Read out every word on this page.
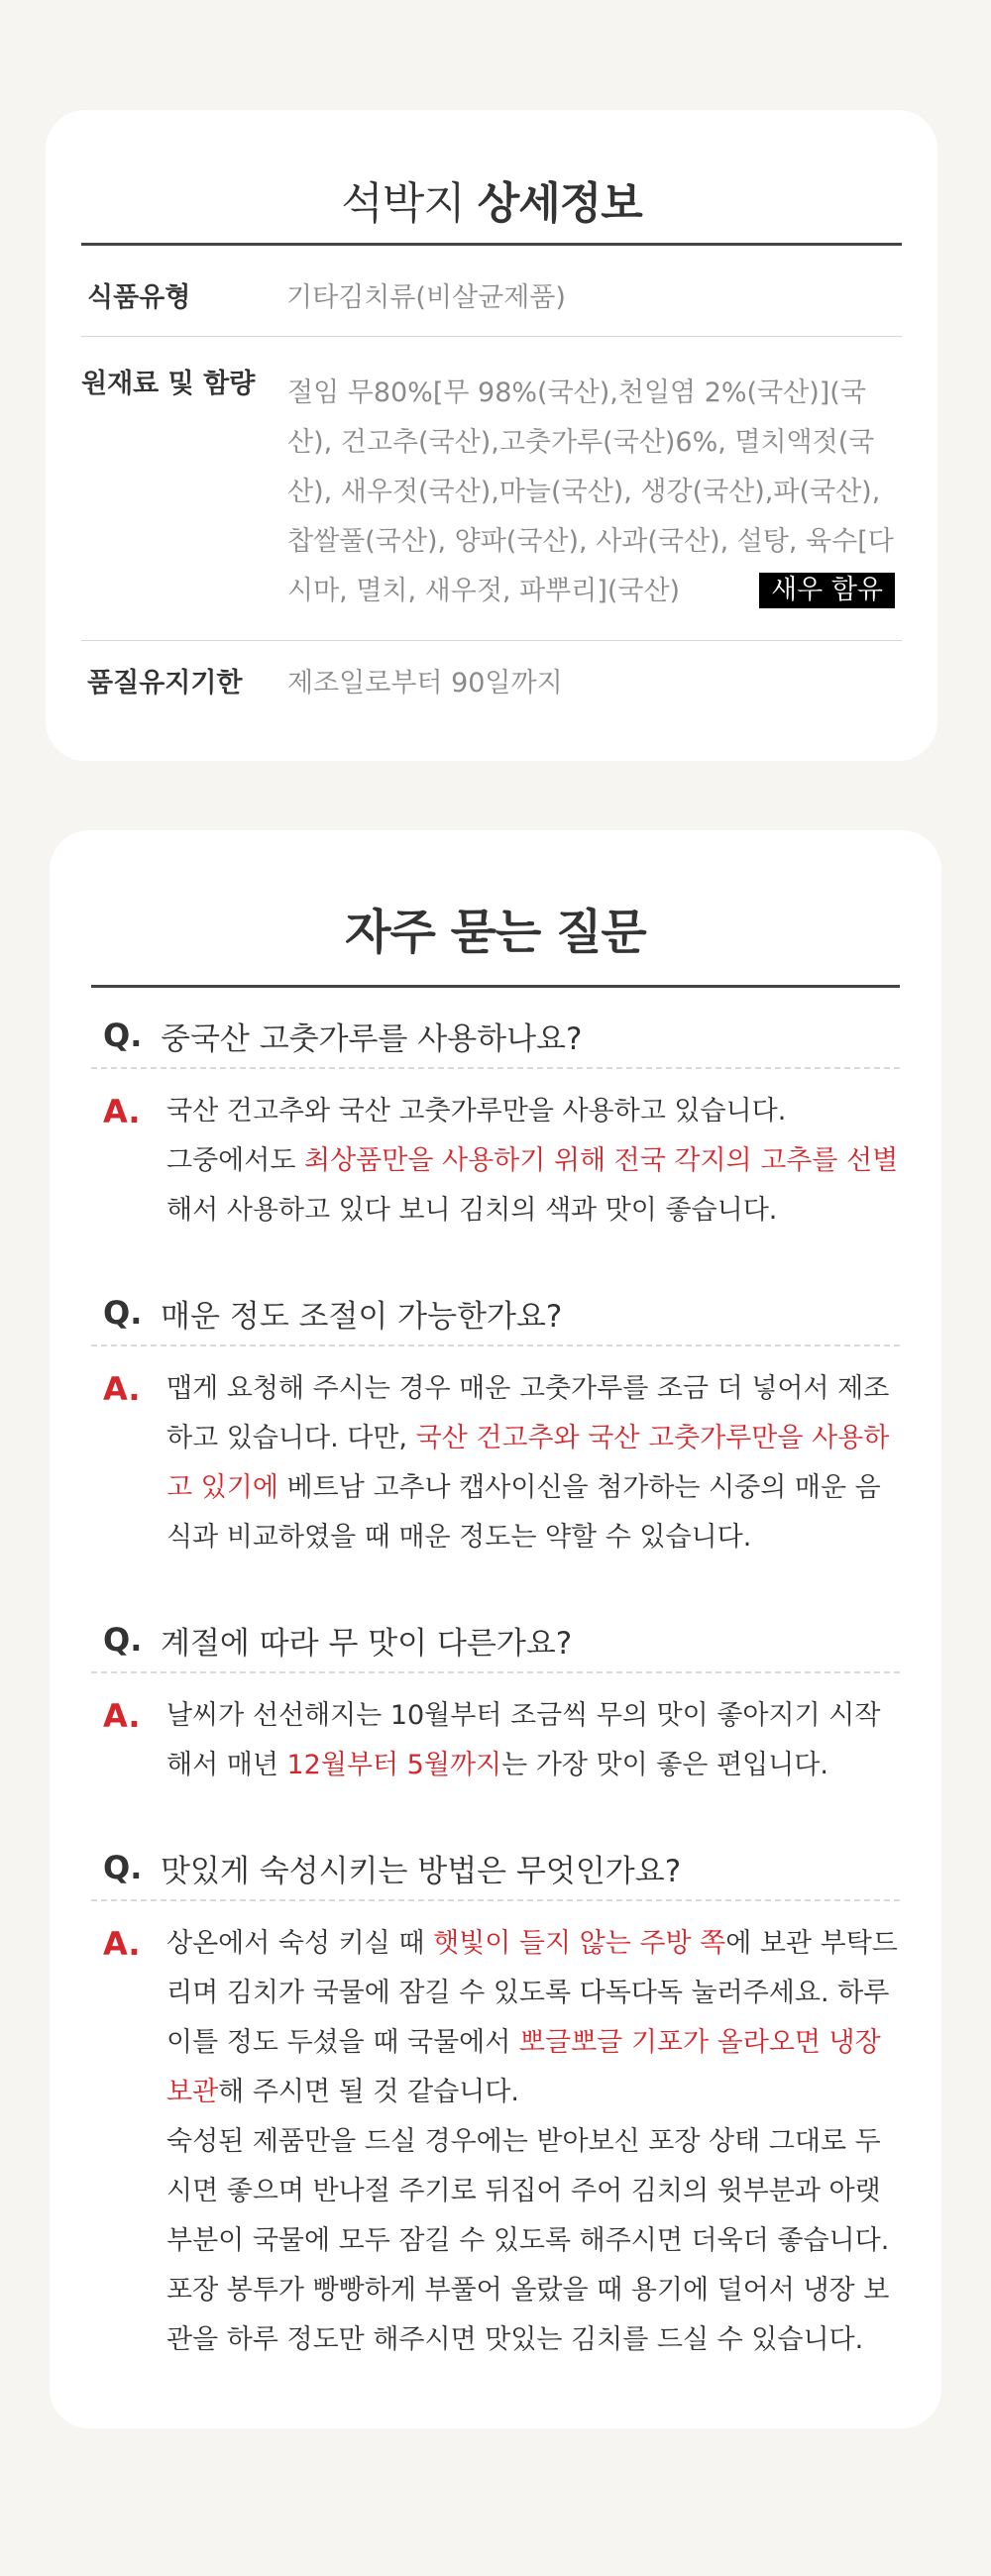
석박지 상세정보
식품유형	기타김치류(비살균제품)
원재료 및 함량	절임 무80%[무 98%(국산),천일염 2%(국산)](국산), 건고추(국산),고춧가루(국산)6%, 멸치액젓(국산), 새우젓(국산),마늘(국산), 생강(국산),파(국산),찹쌀풀(국산), 양파(국산), 사과(국산), 설탕, 육수[다시마, 멸치, 새우젓, 파뿌리](국산) 새우 함유

품질유지기한	제조일로부터 90일까지
자주 묻는 질문
Q. 중국산 고춧가루를 사용하나요?
A. 국산 건고추와 국산 고춧가루만을 사용하고 있습니다.
그중에서도 최상품만을 사용하기 위해 전국 각지의 고추를 선별해서 사용하고 있다 보니 김치의 색과 맛이 좋습니다.
Q. 매운 정도 조절이 가능한가요?
A. 맵게 요청해 주시는 경우 매운 고춧가루를 조금 더 넣어서 제조하고 있습니다. 다만, 국산 건고추와 국산 고춧가루만을 사용하고 있기에 베트남 고추나 캡사이신을 첨가하는 시중의 매운 음식과 비교하였을 때 매운 정도는 약할 수 있습니다.
Q. 계절에 따라 무 맛이 다른가요?
A. 날씨가 선선해지는 10월부터 조금씩 무의 맛이 좋아지기 시작해서 매년 12월부터 5월까지는 가장 맛이 좋은 편입니다.
Q. 맛있게 숙성시키는 방법은 무엇인가요?
A. 상온에서 숙성 키실 때 햇빛이 들지 않는 주방 쪽에 보관 부탁드리며 김치가 국물에 잠길 수 있도록 다독다독 눌러주세요. 하루 이틀 정도 두셨을 때 국물에서 뽀글뽀글 기포가 올라오면 냉장 보관해 주시면 될 것 같습니다.
숙성된 제품만을 드실 경우에는 받아보신 포장 상태 그대로 두시면 좋으며 반나절 주기로 뒤집어 주어 김치의 윗부분과 아랫부분이 국물에 모두 잠길 수 있도록 해주시면 더욱더 좋습니다.
포장 봉투가 빵빵하게 부풀어 올랐을 때 용기에 덜어서 냉장 보관을 하루 정도만 해주시면 맛있는 김치를 드실 수 있습니다.
